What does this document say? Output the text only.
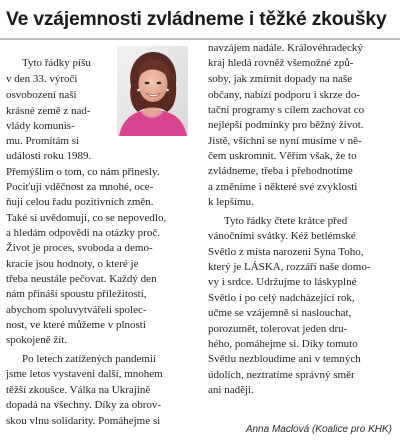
Ve vzájemnosti zvládneme i těžké zkoušky
Tyto řádky píšu
v den 33. výročí
osvobození naší
krásné země z nad-
vlády komunis-
mu. Promítám si
události roku 1989.
Přemýšlím o tom, co nám přinesly.
Pociťuji vděčnost za mnohé, oce-
ňuji celou řadu pozitivních změn.
Také si uvědomuji, co se nepovedlo,
a hledám odpovědi na otázky proč.
Život je proces, svoboda a demo-
kracie jsou hodnoty, o které je
třeba neustále pečovat. Každý den
nám přináší spoustu příležitostí,
abychom spoluvytvářeli spolec-
nost, ve které můžeme v plnosti
spokojeně žít.
Po letech zatížených pandemií
jsme letos vystaveni další, mnohem
těžší zkoušce. Válka na Ukrajině
dopadá na všechny. Díky za obrov-
skou vlnu solidarity. Pomáhejme si
navzájem nadále. Královéhradecký
kraj hledá rovněž všemožné způ-
soby, jak zmírnit dopady na naše
občany, nabízí podporu i skrze do-
tační programy s cílem zachovat co
nejlepší podmínky pro běžný život.
Jistě, všichni se nyní musíme v ně-
čem uskromnit. Věřím však, že to
zvládneme, třeba i přehodnotíme
a změníme i některé své zvyklosti
k lepšímu.
Tyto řádky čtete krátce před
vánočními svátky. Kéž betlémské
Světlo z místa narození Syna Toho,
který je LÁSKA, rozzáří naše domo-
vy i srdce. Udržujme to láskyplné
Světlo i po celý nadcházející rok,
učme se vzájemně si naslouchat,
porozumět, tolerovat jeden dru-
hého, pomáhejme si. Díky tomuto
Světlu nezbloudíme ani v temných
údolích, neztratíme správný směr
ani naději.
Anna Maclová (Koalice pro KHK)
